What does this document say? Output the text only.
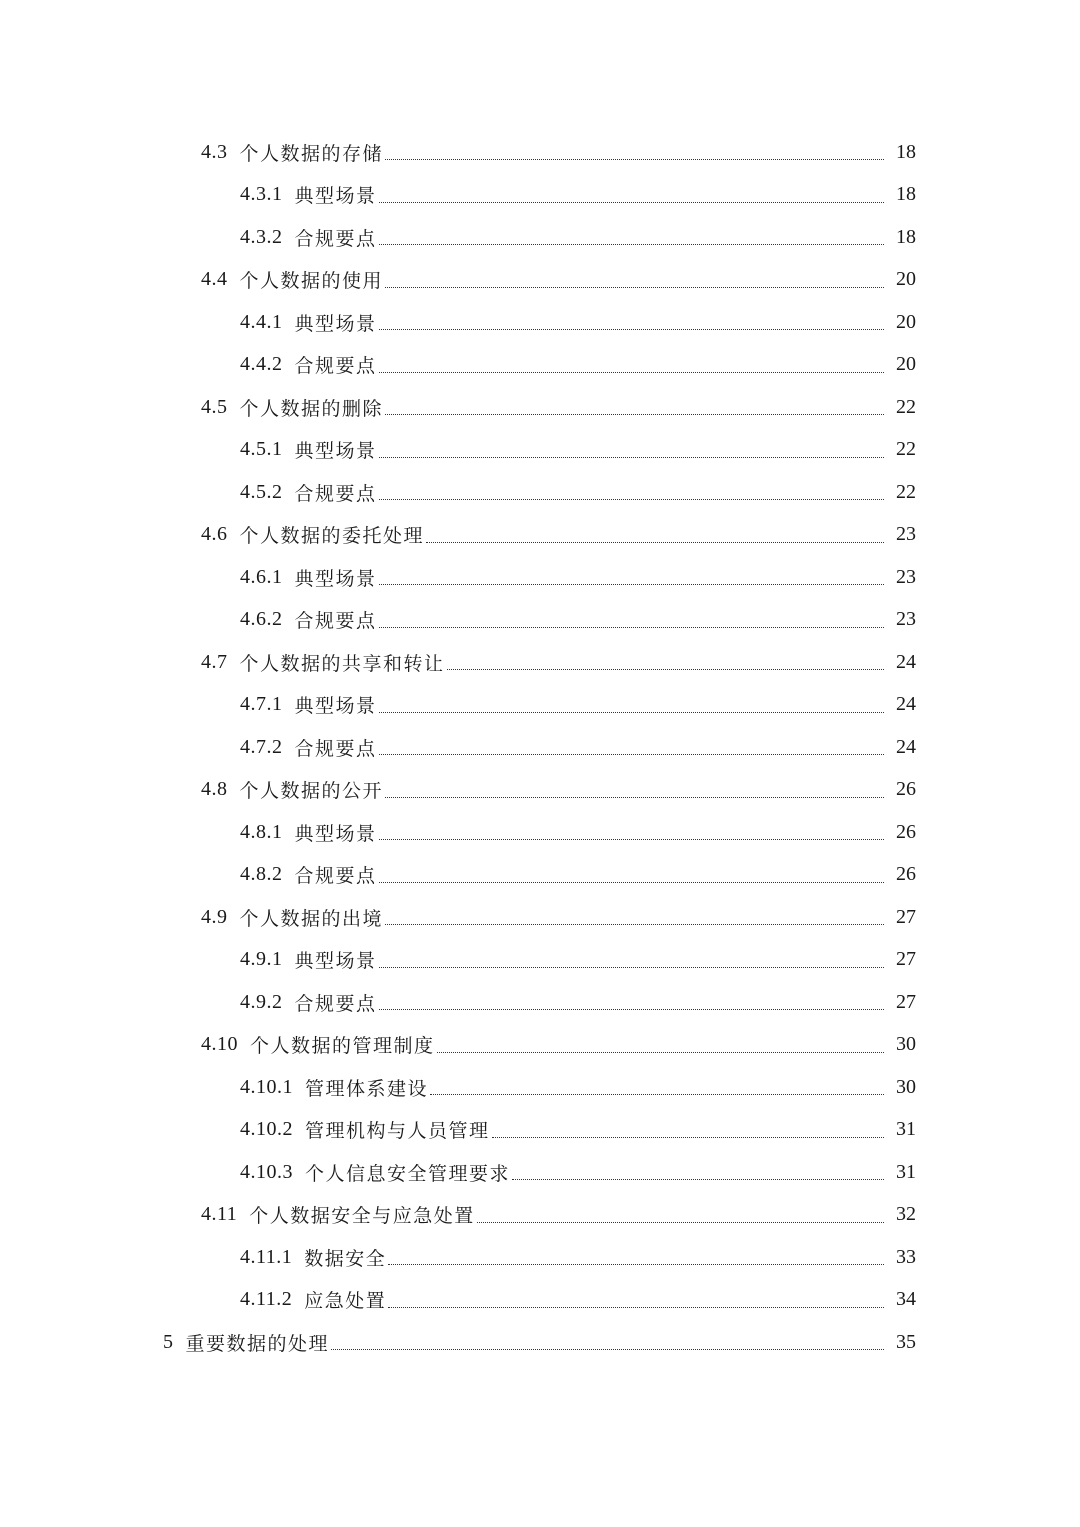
4.3 个人数据的存储	18
4.3.1 典型场景	18
4.3.2 合规要点	18
4.4 个人数据的使用	20
4.4.1 典型场景	20
4.4.2 合规要点	20
4.5 个人数据的删除	22
4.5.1 典型场景	22
4.5.2 合规要点	22
4.6 个人数据的委托处理	23
4.6.1 典型场景	23
4.6.2 合规要点	23
4.7 个人数据的共享和转让	24
4.7.1 典型场景	24
4.7.2 合规要点	24
4.8 个人数据的公开	26
4.8.1 典型场景	26
4.8.2 合规要点	26
4.9 个人数据的出境	27
4.9.1 典型场景	27
4.9.2 合规要点	27
4.10 个人数据的管理制度	30
4.10.1 管理体系建设	30
4.10.2 管理机构与人员管理	31
4.10.3 个人信息安全管理要求	31
4.11 个人数据安全与应急处置	32
4.11.1 数据安全	33
4.11.2 应急处置	34
5 重要数据的处理	35
